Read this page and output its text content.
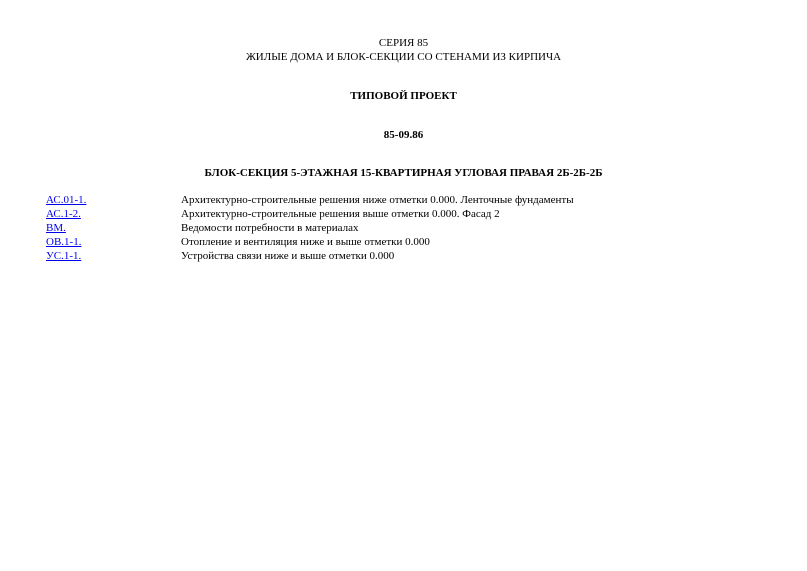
СЕРИЯ 85
ЖИЛЫЕ ДОМА И БЛОК-СЕКЦИИ СО СТЕНАМИ ИЗ КИРПИЧА
ТИПОВОЙ ПРОЕКТ
85-09.86
БЛОК-СЕКЦИЯ 5-ЭТАЖНАЯ 15-КВАРТИРНАЯ УГЛОВАЯ ПРАВАЯ 2Б-2Б-2Б
АС.01-1.	Архитектурно-строительные решения ниже отметки 0.000. Ленточные фундаменты
АС.1-2.	Архитектурно-строительные решения выше отметки 0.000. Фасад 2
ВМ.	Ведомости потребности в материалах
ОВ.1-1.	Отопление и вентиляция ниже и выше отметки 0.000
УС.1-1.	Устройства связи ниже и выше отметки 0.000
